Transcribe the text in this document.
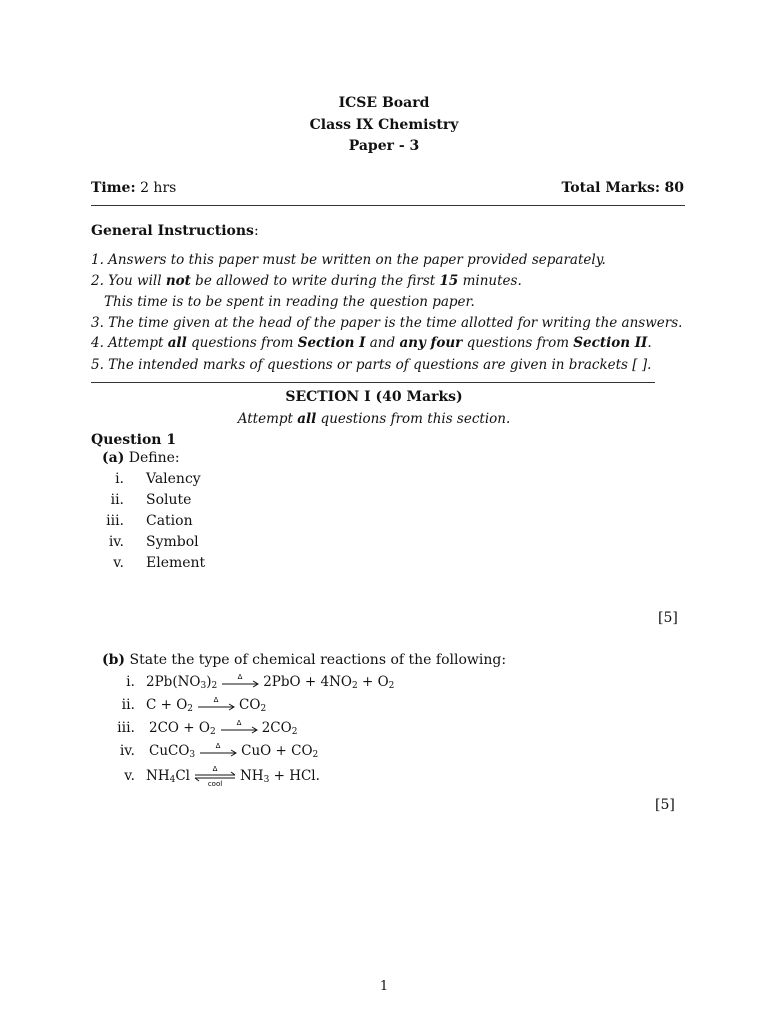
ICSE Board
Class IX Chemistry
Paper - 3
Time: 2 hrs	Total Marks: 80
General Instructions:
1. Answers to this paper must be written on the paper provided separately.
2. You will not be allowed to write during the first 15 minutes.
This time is to be spent in reading the question paper.
3. The time given at the head of the paper is the time allotted for writing the answers.
4. Attempt all questions from Section I and any four questions from Section II.
5. The intended marks of questions or parts of questions are given in brackets [ ].
SECTION I (40 Marks)
Attempt all questions from this section.
Question 1
(a) Define:
i. Valency
ii. Solute
iii. Cation
iv. Symbol
v. Element
[5]
(b) State the type of chemical reactions of the following:
i. $2Pb(NO_3)_2$
Δ $2PbO + 4NO_2 + O_2$
ii. $C + O_2$
Δ $CO_2$
iii. $2CO + O_2$
Δ $2CO_2$
iv. CuCO$_3$
Δ CuO + $CO_2$
v. $NH_4Cl$	Δ
cool $NH_3$ + HCl.
[5]
1
